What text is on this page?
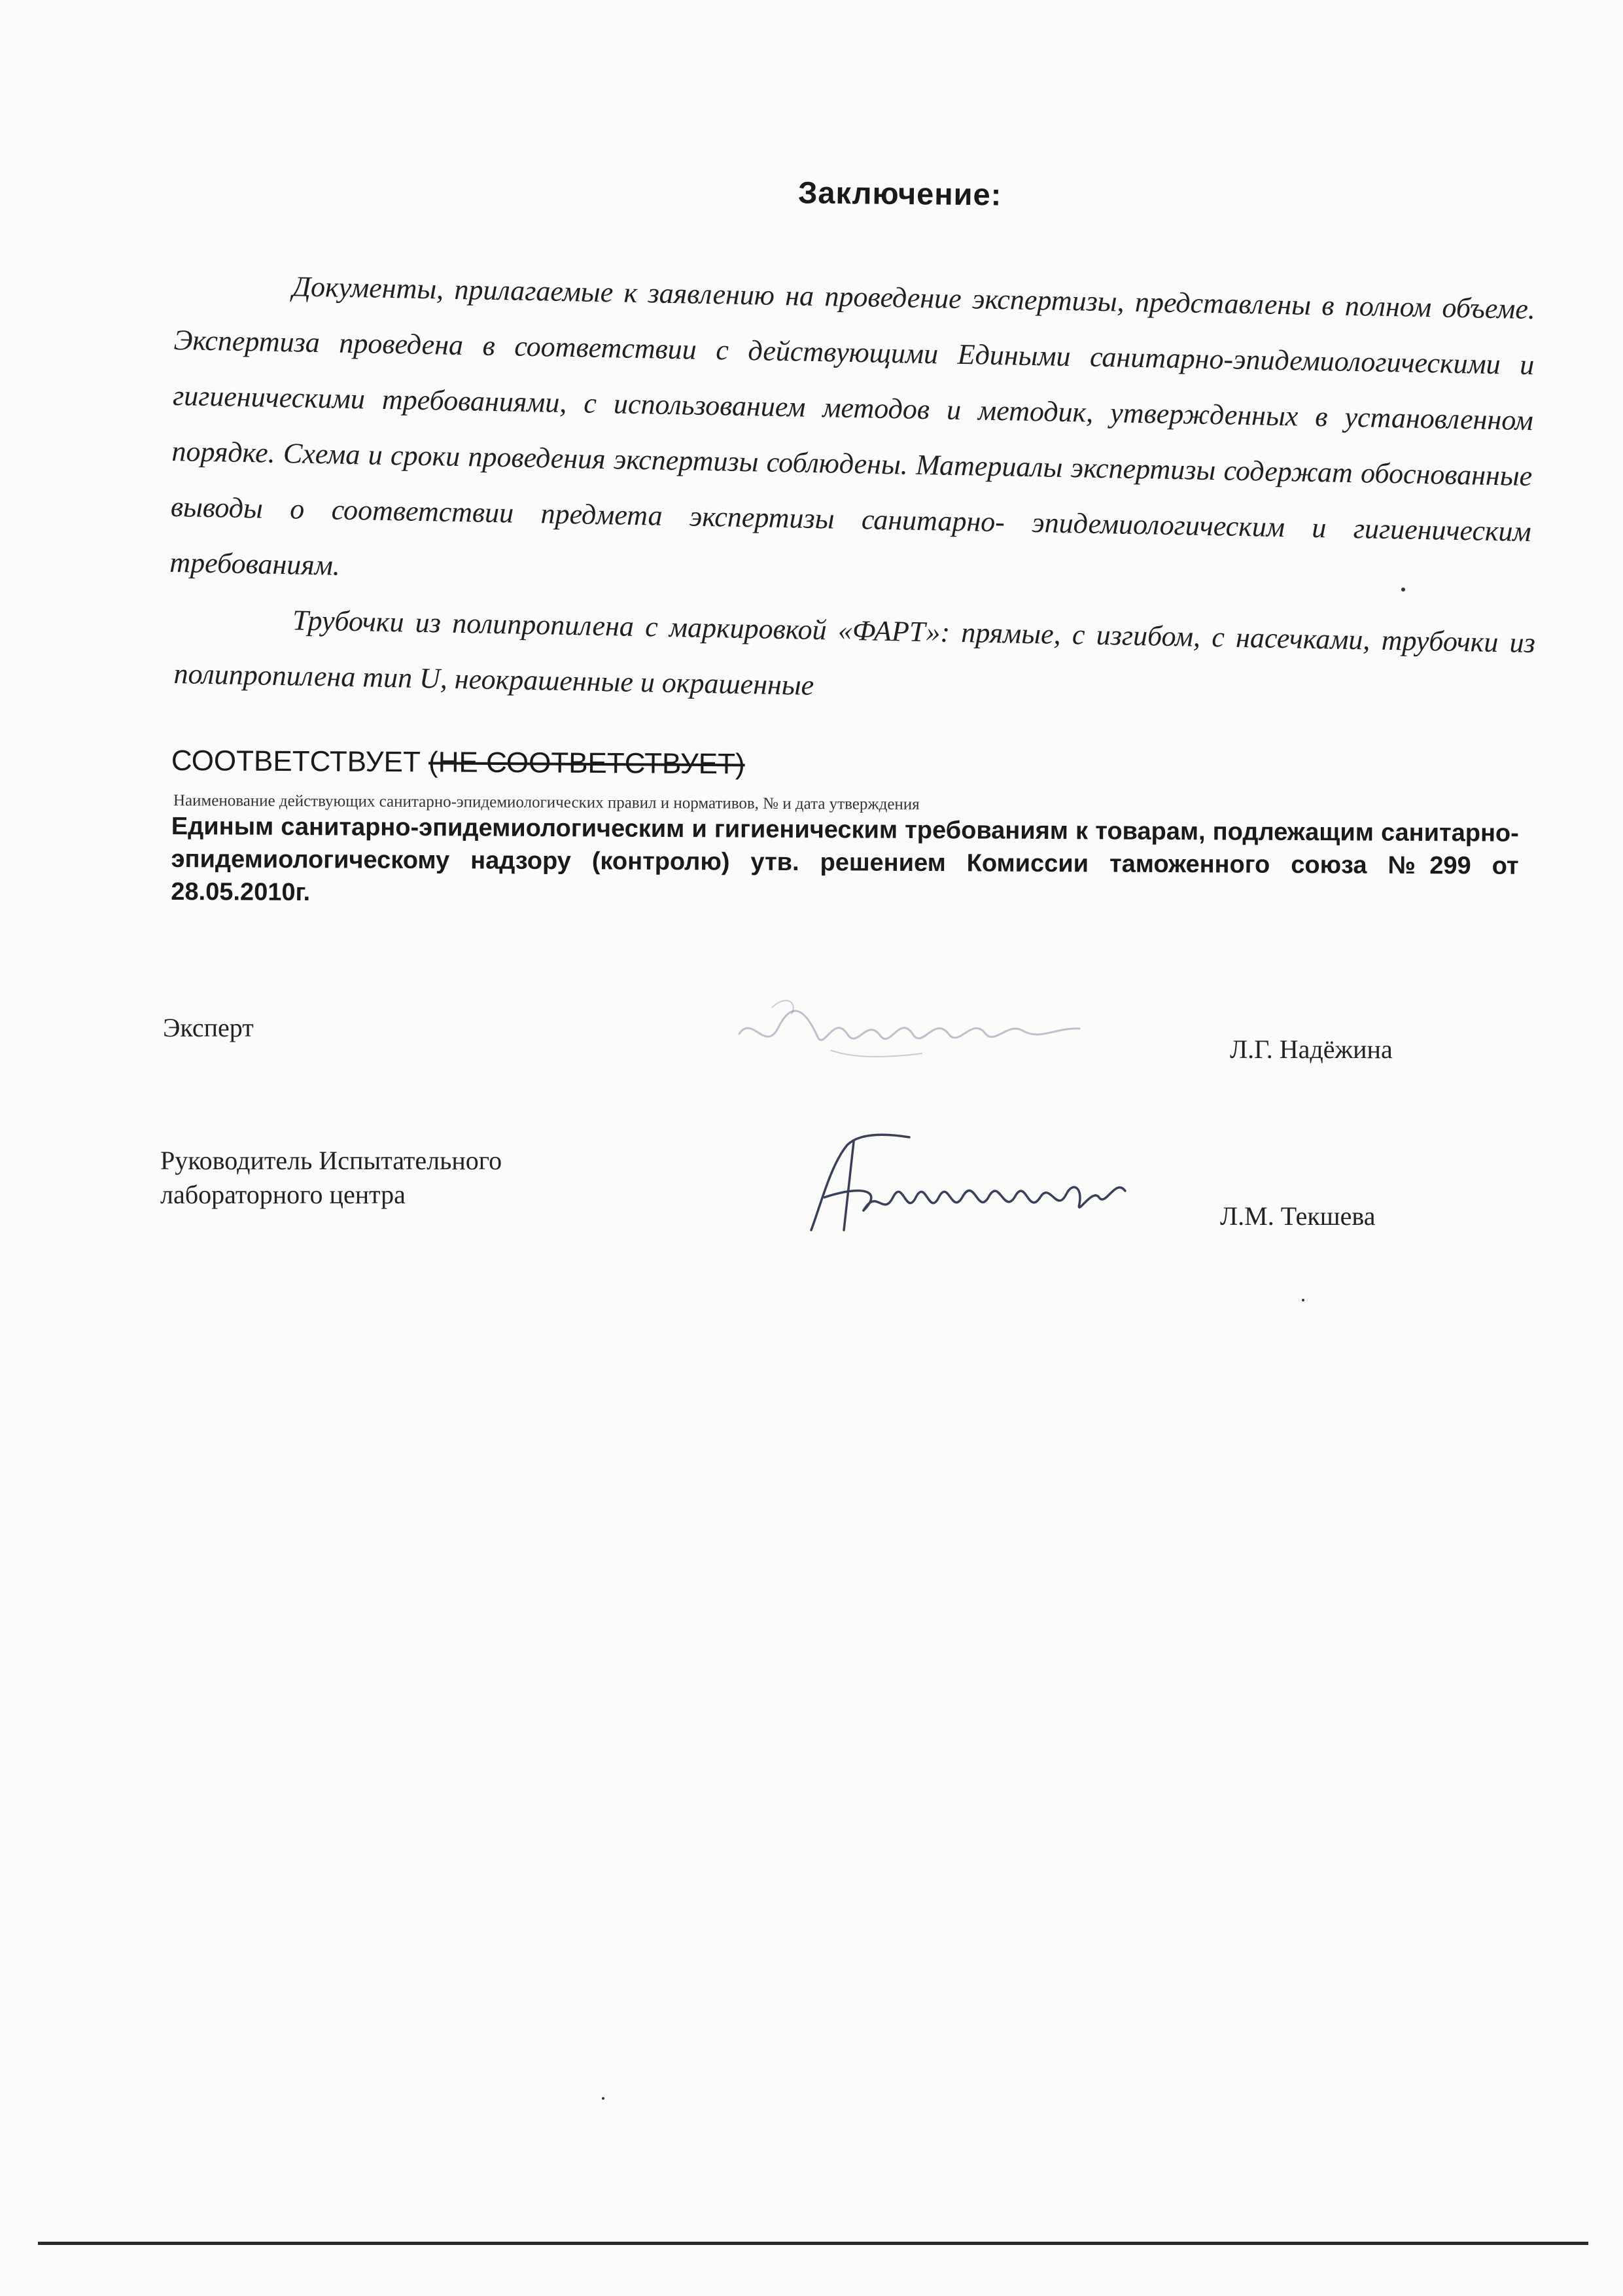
Заключение:
Документы, прилагаемые к заявлению на проведение экспертизы, представлены в полном объеме. Экспертиза проведена в соответствии с действующими Едиными санитарно-эпидемиологическими и гигиеническими требованиями, с использованием методов и методик, утвержденных в установленном порядке. Схема и сроки проведения экспертизы соблюдены. Материалы экспертизы содержат обоснованные выводы о соответствии предмета экспертизы санитарно- эпидемиологическим и гигиеническим требованиям.
Трубочки из полипропилена с маркировкой «ФАРТ»: прямые, с изгибом, с насечками, трубочки из полипропилена тип U, неокрашенные и окрашенные
СООТВЕТСТВУЕТ (НЕ СООТВЕТСТВУЕТ)
Наименование действующих санитарно-эпидемиологических правил и нормативов, № и дата утверждения
Единым санитарно-эпидемиологическим и гигиеническим требованиям к товарам, подлежащим санитарно-эпидемиологическому надзору (контролю) утв. решением Комиссии таможенного союза №299 от 28.05.2010г.
Эксперт
Л.Г. Надёжина
Руководитель Испытательного
лабораторного центра
Л.М. Текшева
